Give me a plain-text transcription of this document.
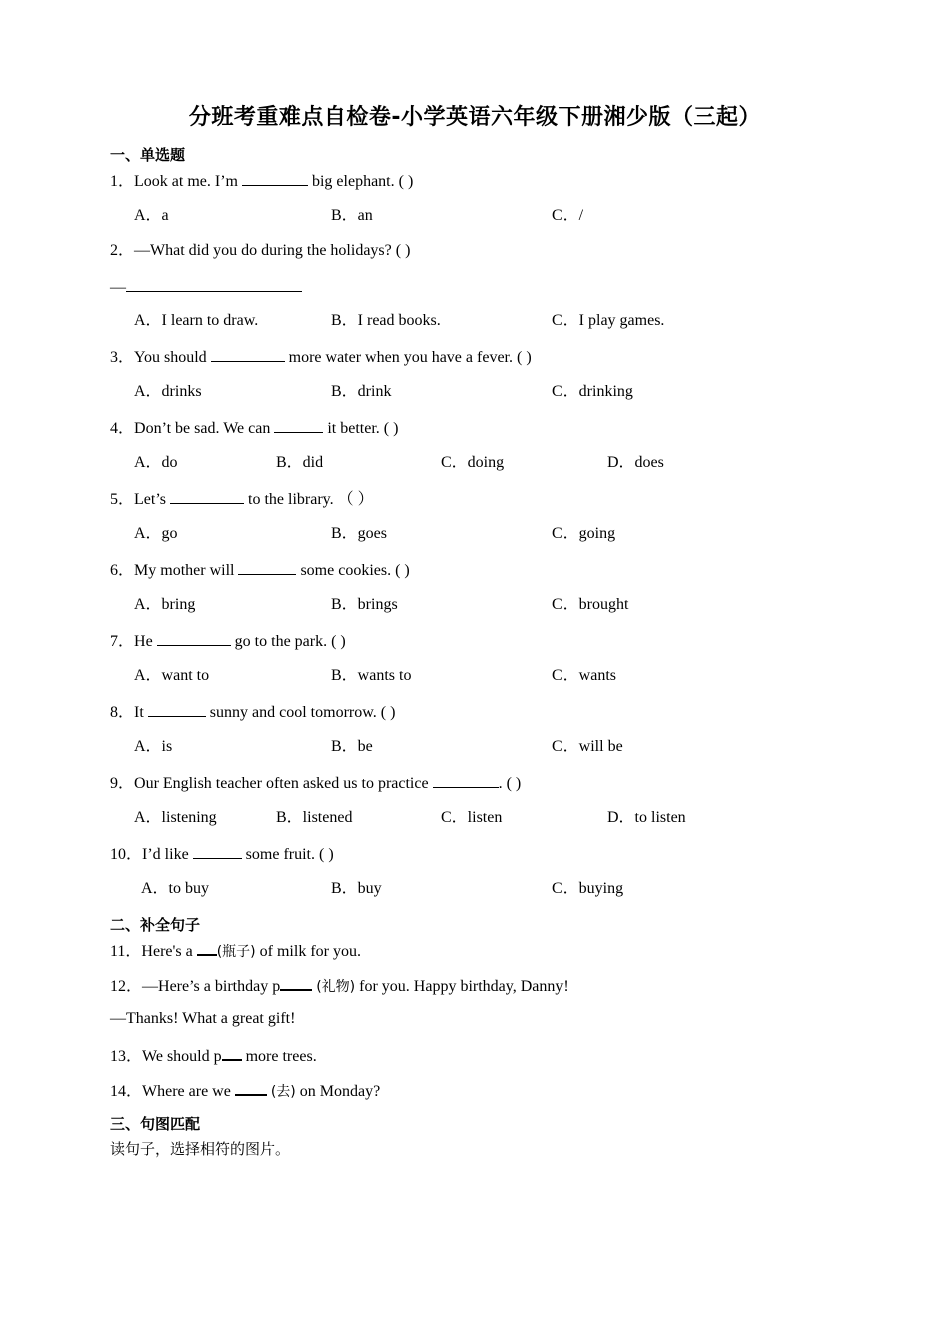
分班考重难点自检卷-小学英语六年级下册湘少版（三起）
一、单选题
1．Look at me. I’m	big elephant. ( )
A．a	B．an	C．/
2．—What did you do during the holidays? ( )
—
A．I learn to draw.	B．I read books.	C．I play games.
3．You should	more water when you have a fever. ( )
A．drinks	B．drink	C．drinking
4．Don’t be sad. We can	it better. ( )
A．do	B．did	C．doing	D．does
5．Let’s	to the library. （ ）
A．go	B．goes	C．going
6．My mother will	some cookies. ( )
A．bring	B．brings	C．brought
7．He	go to the park. ( )
A．want to	B．wants to	C．wants
8．It	sunny and cool tomorrow. ( )
A．is	B．be	C．will be
9．Our English teacher often asked us to practice	. ( )
A．listening	B．listened	C．listen	D．to listen
10．I’d like	some fruit. ( )
A．to buy	B．buy	C．buying
二、补全句子
11．Here's a (瓶子) of milk for you.
12．—Here’s a birthday p	(礼物) for you. Happy birthday, Danny!
—Thanks! What a great gift!
13．We should p more trees.
14．Where are we	(去) on Monday?
三、句图匹配
读句子，选择相符的图片。
